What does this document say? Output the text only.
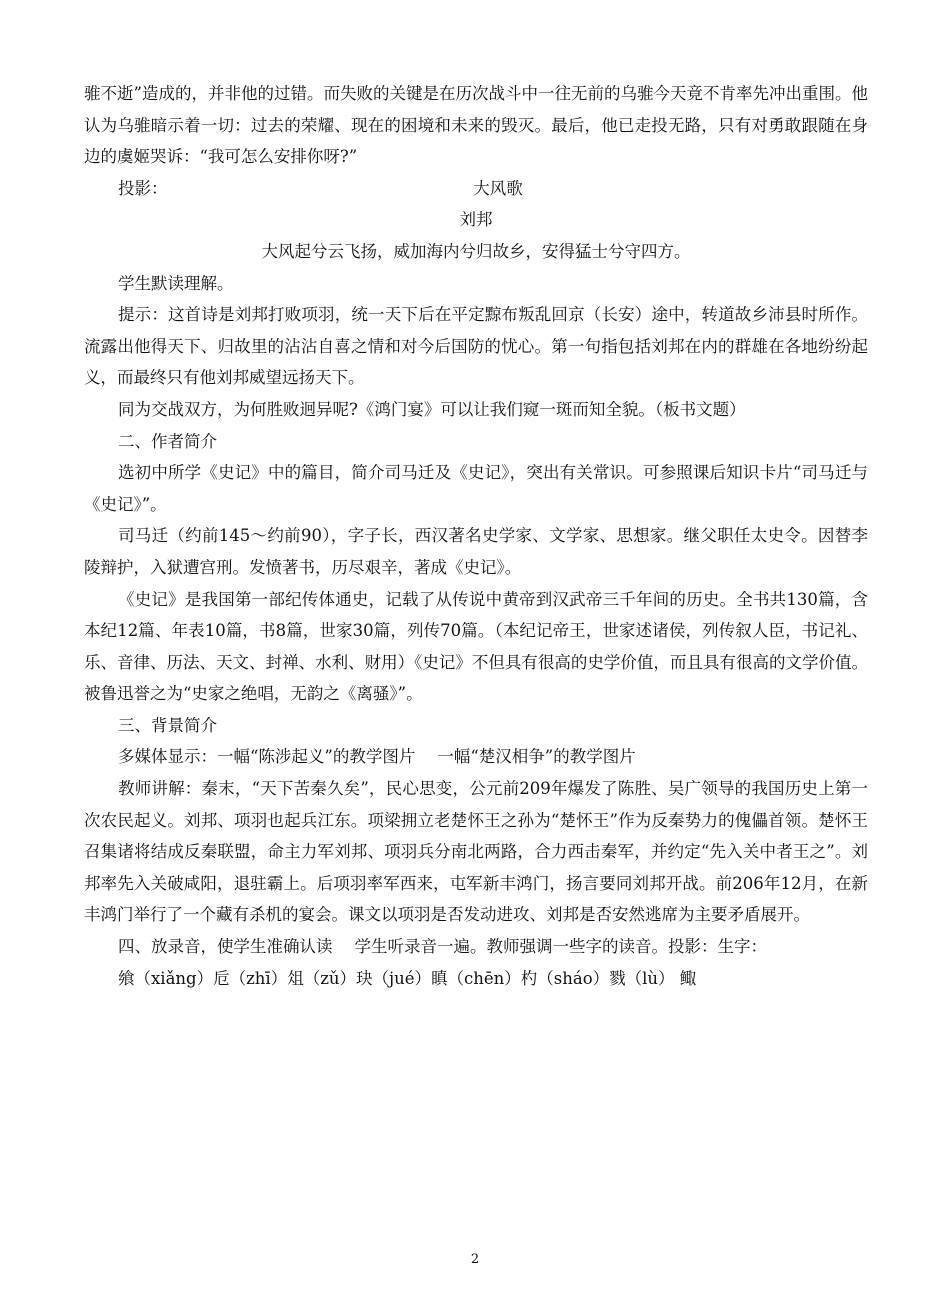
骓不逝”造成的，并非他的过错。而失败的关键是在历次战斗中一往无前的乌骓今天竟不肯率先冲出重围。他认为乌骓暗示着一切：过去的荣耀、现在的困境和未来的毁灭。最后，他已走投无路，只有对勇敢跟随在身边的虞姬哭诉：“我可怎么安排你呀?”

投影：	大风歌

刘邦

大风起兮云飞扬，威加海内兮归故乡，安得猛士兮守四方。

学生默读理解。

提示：这首诗是刘邦打败项羽，统一天下后在平定黥布叛乱回京（长安）途中，转道故乡沛县时所作。流露出他得天下、归故里的沾沾自喜之情和对今后国防的忧心。第一句指包括刘邦在内的群雄在各地纷纷起义，而最终只有他刘邦威望远扬天下。

同为交战双方，为何胜败迥异呢?《鸿门宴》可以让我们窥一斑而知全貌。（板书文题）

二、作者简介

选初中所学《史记》中的篇目，简介司马迁及《史记》，突出有关常识。可参照课后知识卡片“司马迁与《史记》”。

司马迁（约前145～约前90），字子长，西汉著名史学家、文学家、思想家。继父职任太史令。因替李陵辩护，入狱遭宫刑。发愤著书，历尽艰辛，著成《史记》。

《史记》是我国第一部纪传体通史，记载了从传说中黄帝到汉武帝三千年间的历史。全书共130篇，含本纪12篇、年表10篇，书8篇，世家30篇，列传70篇。（本纪记帝王，世家述诸侯，列传叙人臣，书记礼、乐、音律、历法、天文、封禅、水利、财用）《史记》不但具有很高的史学价值，而且具有很高的文学价值。被鲁迅誉之为“史家之绝唱，无韵之《离骚》”。

三、背景简介

多媒体显示：一幅“陈涉起义”的教学图片 一幅“楚汉相争”的教学图片

教师讲解：秦末，“天下苦秦久矣”，民心思变，公元前209年爆发了陈胜、吴广领导的我国历史上第一次农民起义。刘邦、项羽也起兵江东。项梁拥立老楚怀王之孙为“楚怀王”作为反秦势力的傀儡首领。楚怀王召集诸将结成反秦联盟，命主力军刘邦、项羽兵分南北两路，合力西击秦军，并约定“先入关中者王之”。刘邦率先入关破咸阳，退驻霸上。后项羽率军西来，屯军新丰鸿门，扬言要同刘邦开战。前206年12月，在新丰鸿门举行了一个藏有杀机的宴会。课文以项羽是否发动进攻、刘邦是否安然逃席为主要矛盾展开。

四、放录音，使学生准确认读 学生听录音一遍。教师强调一些字的读音。投影：生字：

飨（xiǎng）卮（zhī）俎（zǔ）玦（jué）瞋（chēn）杓（sháo）戮（lù） 鲰

2
